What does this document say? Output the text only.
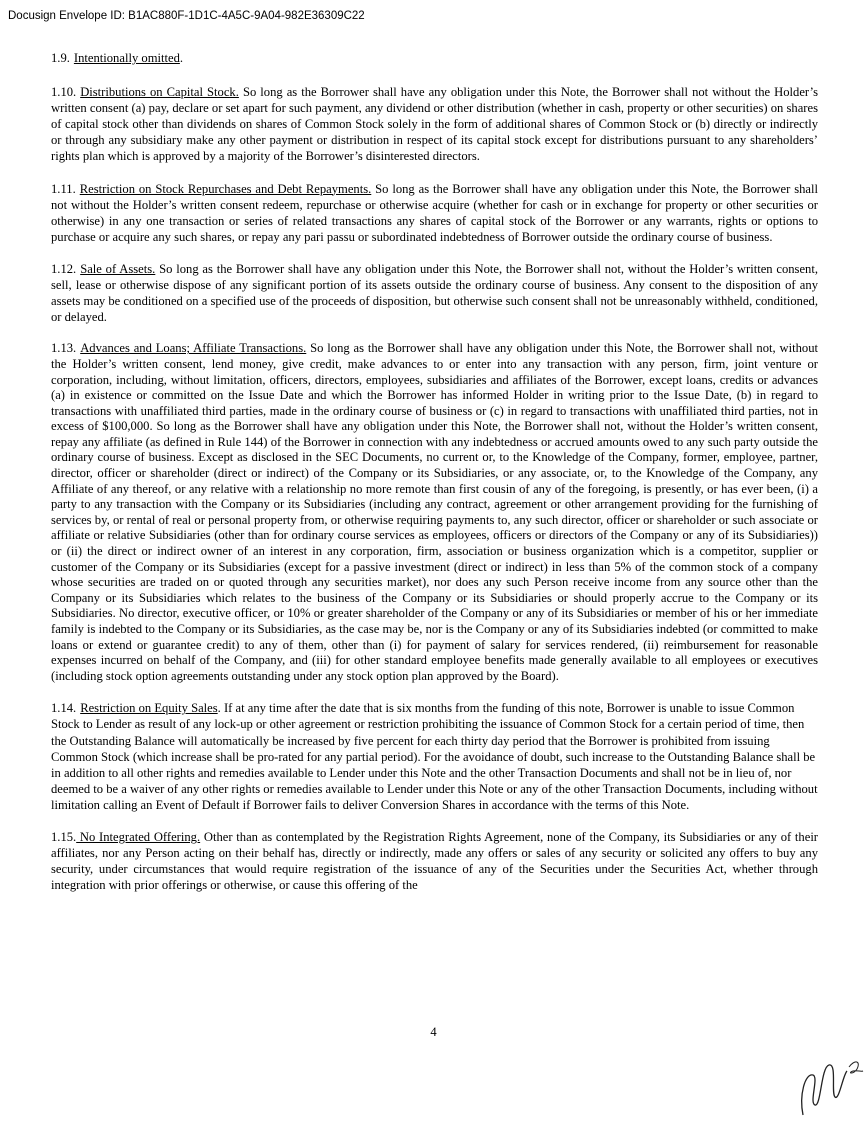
Docusign Envelope ID: B1AC880F-1D1C-4A5C-9A04-982E36309C22

1.9. Intentionally omitted.

1.10. Distributions on Capital Stock. So long as the Borrower shall have any obligation under this Note, the Borrower shall not without the Holder’s written consent (a) pay, declare or set apart for such payment, any dividend or other distribution (whether in cash, property or other securities) on shares of capital stock other than dividends on shares of Common Stock solely in the form of additional shares of Common Stock or (b) directly or indirectly or through any subsidiary make any other payment or distribution in respect of its capital stock except for distributions pursuant to any shareholders’ rights plan which is approved by a majority of the Borrower’s disinterested directors.

1.11. Restriction on Stock Repurchases and Debt Repayments. So long as the Borrower shall have any obligation under this Note, the Borrower shall not without the Holder’s written consent redeem, repurchase or otherwise acquire (whether for cash or in exchange for property or other securities or otherwise) in any one transaction or series of related transactions any shares of capital stock of the Borrower or any warrants, rights or options to purchase or acquire any such shares, or repay any pari passu or subordinated indebtedness of Borrower outside the ordinary course of business.

1.12. Sale of Assets. So long as the Borrower shall have any obligation under this Note, the Borrower shall not, without the Holder’s written consent, sell, lease or otherwise dispose of any significant portion of its assets outside the ordinary course of business. Any consent to the disposition of any assets may be conditioned on a specified use of the proceeds of disposition, but otherwise such consent shall not be unreasonably withheld, conditioned, or delayed.

1.13. Advances and Loans; Affiliate Transactions. So long as the Borrower shall have any obligation under this Note, the Borrower shall not, without the Holder’s written consent, lend money, give credit, make advances to or enter into any transaction with any person, firm, joint venture or corporation, including, without limitation, officers, directors, employees, subsidiaries and affiliates of the Borrower, except loans, credits or advances (a) in existence or committed on the Issue Date and which the Borrower has informed Holder in writing prior to the Issue Date, (b) in regard to transactions with unaffiliated third parties, made in the ordinary course of business or (c) in regard to transactions with unaffiliated third parties, not in excess of $100,000. So long as the Borrower shall have any obligation under this Note, the Borrower shall not, without the Holder’s written consent, repay any affiliate (as defined in Rule 144) of the Borrower in connection with any indebtedness or accrued amounts owed to any such party outside the ordinary course of business. Except as disclosed in the SEC Documents, no current or, to the Knowledge of the Company, former, employee, partner, director, officer or shareholder (direct or indirect) of the Company or its Subsidiaries, or any associate, or, to the Knowledge of the Company, any Affiliate of any thereof, or any relative with a relationship no more remote than first cousin of any of the foregoing, is presently, or has ever been, (i) a party to any transaction with the Company or its Subsidiaries (including any contract, agreement or other arrangement providing for the furnishing of services by, or rental of real or personal property from, or otherwise requiring payments to, any such director, officer or shareholder or such associate or affiliate or relative Subsidiaries (other than for ordinary course services as employees, officers or directors of the Company or any of its Subsidiaries)) or (ii) the direct or indirect owner of an interest in any corporation, firm, association or business organization which is a competitor, supplier or customer of the Company or its Subsidiaries (except for a passive investment (direct or indirect) in less than 5% of the common stock of a company whose securities are traded on or quoted through any securities market), nor does any such Person receive income from any source other than the Company or its Subsidiaries which relates to the business of the Company or its Subsidiaries or should properly accrue to the Company or its Subsidiaries. No director, executive officer, or 10% or greater shareholder of the Company or any of its Subsidiaries or member of his or her immediate family is indebted to the Company or its Subsidiaries, as the case may be, nor is the Company or any of its Subsidiaries indebted (or committed to make loans or extend or guarantee credit) to any of them, other than (i) for payment of salary for services rendered, (ii) reimbursement for reasonable expenses incurred on behalf of the Company, and (iii) for other standard employee benefits made generally available to all employees or executives (including stock option agreements outstanding under any stock option plan approved by the Board).

1.14. Restriction on Equity Sales. If at any time after the date that is six months from the funding of this note, Borrower is unable to issue Common Stock to Lender as result of any lock-up or other agreement or restriction prohibiting the issuance of Common Stock for a certain period of time, then the Outstanding Balance will automatically be increased by five percent for each thirty day period that the Borrower is prohibited from issuing Common Stock (which increase shall be pro-rated for any partial period). For the avoidance of doubt, such increase to the Outstanding Balance shall be in addition to all other rights and remedies available to Lender under this Note and the other Transaction Documents and shall not be in lieu of, nor deemed to be a waiver of any other rights or remedies available to Lender under this Note or any of the other Transaction Documents, including without limitation calling an Event of Default if Borrower fails to deliver Conversion Shares in accordance with the terms of this Note.

1.15. No Integrated Offering. Other than as contemplated by the Registration Rights Agreement, none of the Company, its Subsidiaries or any of their affiliates, nor any Person acting on their behalf has, directly or indirectly, made any offers or sales of any security or solicited any offers to buy any security, under circumstances that would require registration of the issuance of any of the Securities under the Securities Act, whether through integration with prior offerings or otherwise, or cause this offering of the

4
